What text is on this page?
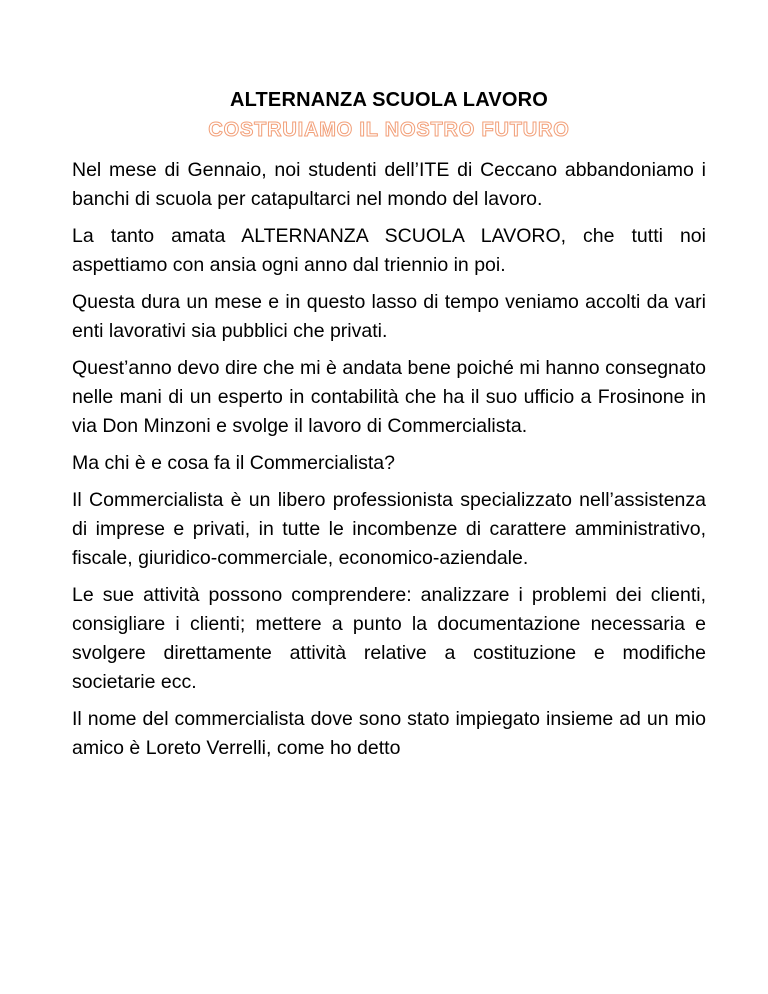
ALTERNANZA SCUOLA LAVORO
COSTRUIAMO IL NOSTRO FUTURO

Nel mese di Gennaio, noi studenti dell’ITE di Ceccano abbandoniamo i banchi di scuola per catapultarci nel mondo del lavoro.

La tanto amata ALTERNANZA SCUOLA LAVORO, che tutti noi aspettiamo con ansia ogni anno dal triennio in poi.

Questa dura un mese e in questo lasso di tempo veniamo accolti da vari enti lavorativi sia pubblici che privati.

Quest’anno devo dire che mi è andata bene poiché mi hanno consegnato nelle mani di un esperto in contabilità che ha il suo ufficio a Frosinone in via Don Minzoni e svolge il lavoro di Commercialista.

Ma chi è e cosa fa il Commercialista?

Il Commercialista è un libero professionista specializzato nell’assistenza di imprese e privati, in tutte le incombenze di carattere amministrativo, fiscale, giuridico-commerciale, economico-aziendale.

Le sue attività possono comprendere: analizzare i problemi dei clienti, consigliare i clienti; mettere a punto la documentazione necessaria e svolgere direttamente attività relative a costituzione e modifiche societarie ecc.

Il nome del commercialista dove sono stato impiegato insieme ad un mio amico è Loreto Verrelli, come ho detto
